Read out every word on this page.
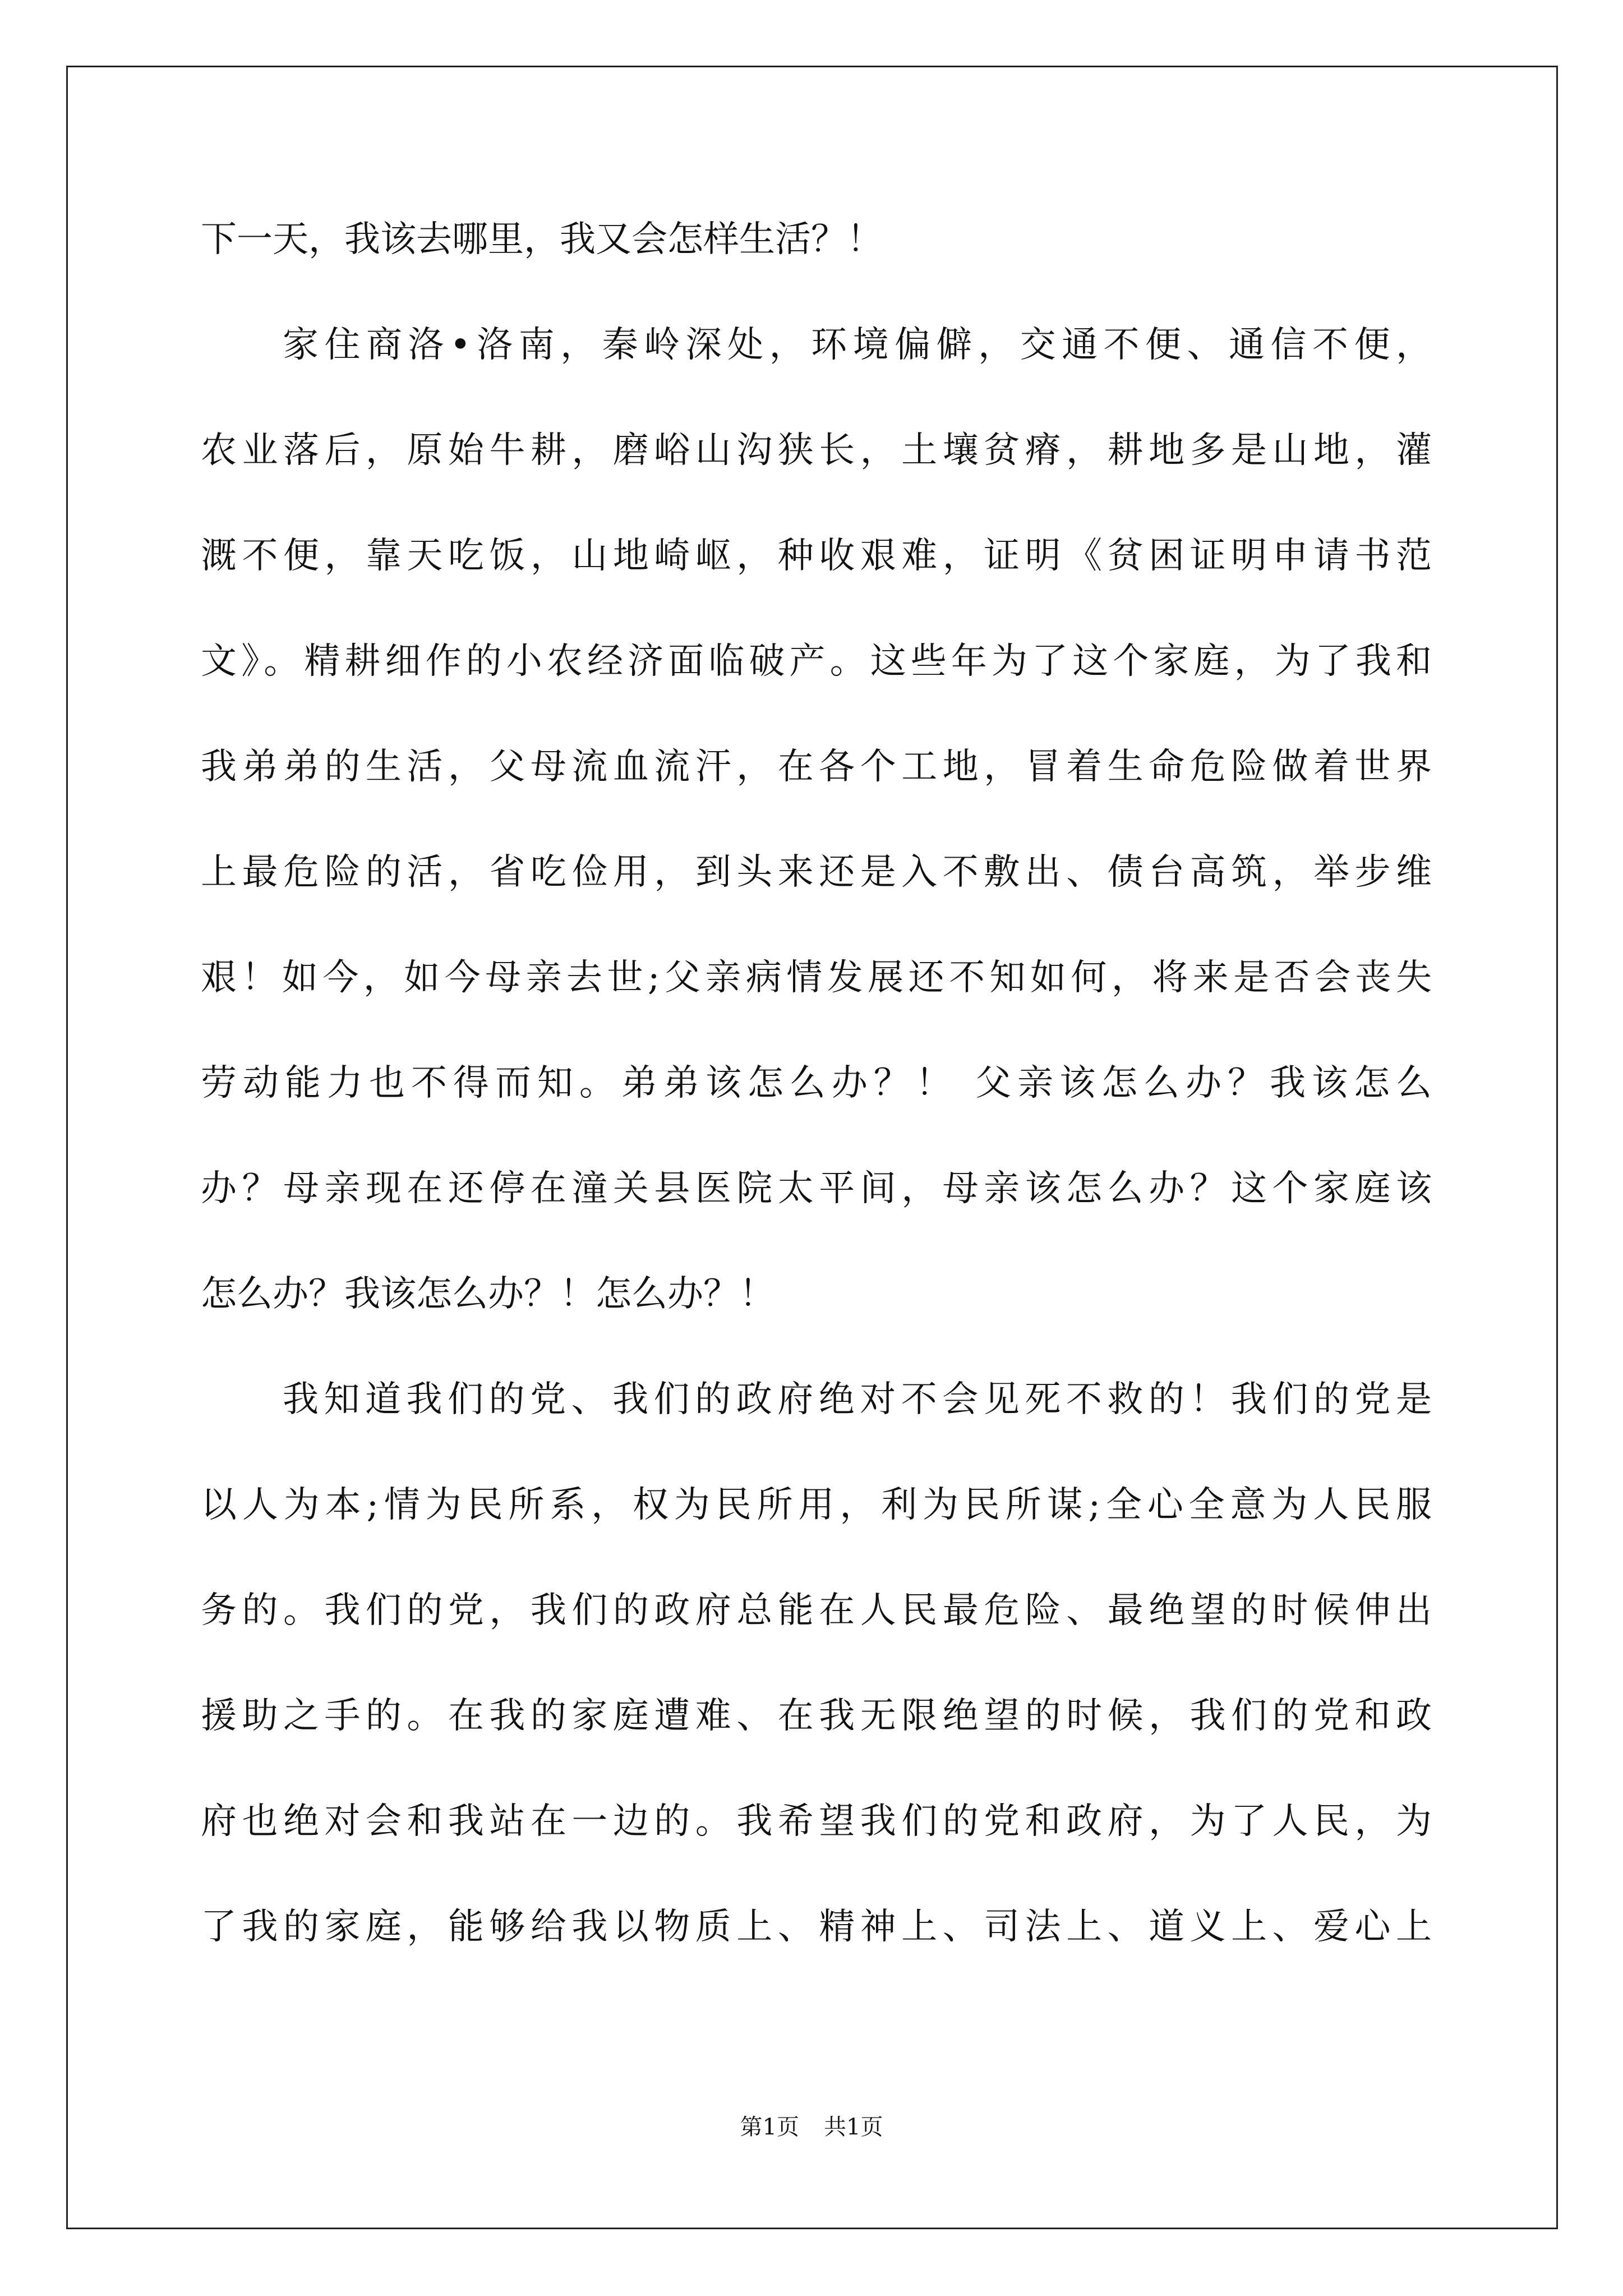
下一天，我该去哪里，我又会怎样生活？！
家住商洛•洛南，秦岭深处，环境偏僻，交通不便、通信不便，
农业落后，原始牛耕，磨峪山沟狭长，土壤贫瘠，耕地多是山地，灌
溉不便，靠天吃饭，山地崎岖，种收艰难，证明《贫困证明申请书范
文》。精耕细作的小农经济面临破产。这些年为了这个家庭，为了我和
我弟弟的生活，父母流血流汗，在各个工地，冒着生命危险做着世界
上最危险的活，省吃俭用，到头来还是入不敷出、债台高筑，举步维
艰！如今，如今母亲去世;父亲病情发展还不知如何，将来是否会丧失
劳动能力也不得而知。弟弟该怎么办？！ 父亲该怎么办？我该怎么
办？母亲现在还停在潼关县医院太平间，母亲该怎么办？这个家庭该
怎么办？我该怎么办？！怎么办？！
我知道我们的党、我们的政府绝对不会见死不救的！我们的党是
以人为本;情为民所系，权为民所用，利为民所谋;全心全意为人民服
务的。我们的党，我们的政府总能在人民最危险、最绝望的时候伸出
援助之手的。在我的家庭遭难、在我无限绝望的时候，我们的党和政
府也绝对会和我站在一边的。我希望我们的党和政府，为了人民，为
了我的家庭，能够给我以物质上、精神上、司法上、道义上、爱心上
第1页 共1页
